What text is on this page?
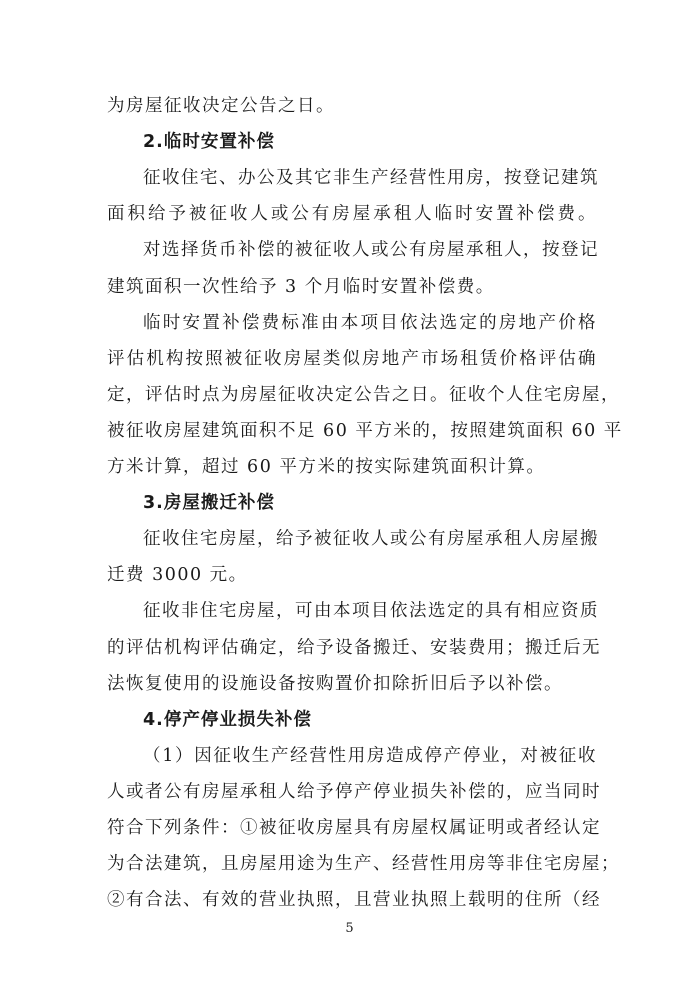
为房屋征收决定公告之日。
2.临时安置补偿
征收住宅、办公及其它非生产经营性用房，按登记建筑
面积给予被征收人或公有房屋承租人临时安置补偿费。
对选择货币补偿的被征收人或公有房屋承租人，按登记
建筑面积一次性给予 3 个月临时安置补偿费。
临时安置补偿费标准由本项目依法选定的房地产价格
评估机构按照被征收房屋类似房地产市场租赁价格评估确
定，评估时点为房屋征收决定公告之日。征收个人住宅房屋，
被征收房屋建筑面积不足 60 平方米的，按照建筑面积 60 平
方米计算，超过 60 平方米的按实际建筑面积计算。
3.房屋搬迁补偿
征收住宅房屋，给予被征收人或公有房屋承租人房屋搬
迁费 3000 元。
征收非住宅房屋，可由本项目依法选定的具有相应资质
的评估机构评估确定，给予设备搬迁、安装费用；搬迁后无
法恢复使用的设施设备按购置价扣除折旧后予以补偿。
4.停产停业损失补偿
（1）因征收生产经营性用房造成停产停业，对被征收
人或者公有房屋承租人给予停产停业损失补偿的，应当同时
符合下列条件：①被征收房屋具有房屋权属证明或者经认定
为合法建筑，且房屋用途为生产、经营性用房等非住宅房屋；
②有合法、有效的营业执照，且营业执照上载明的住所（经
5
